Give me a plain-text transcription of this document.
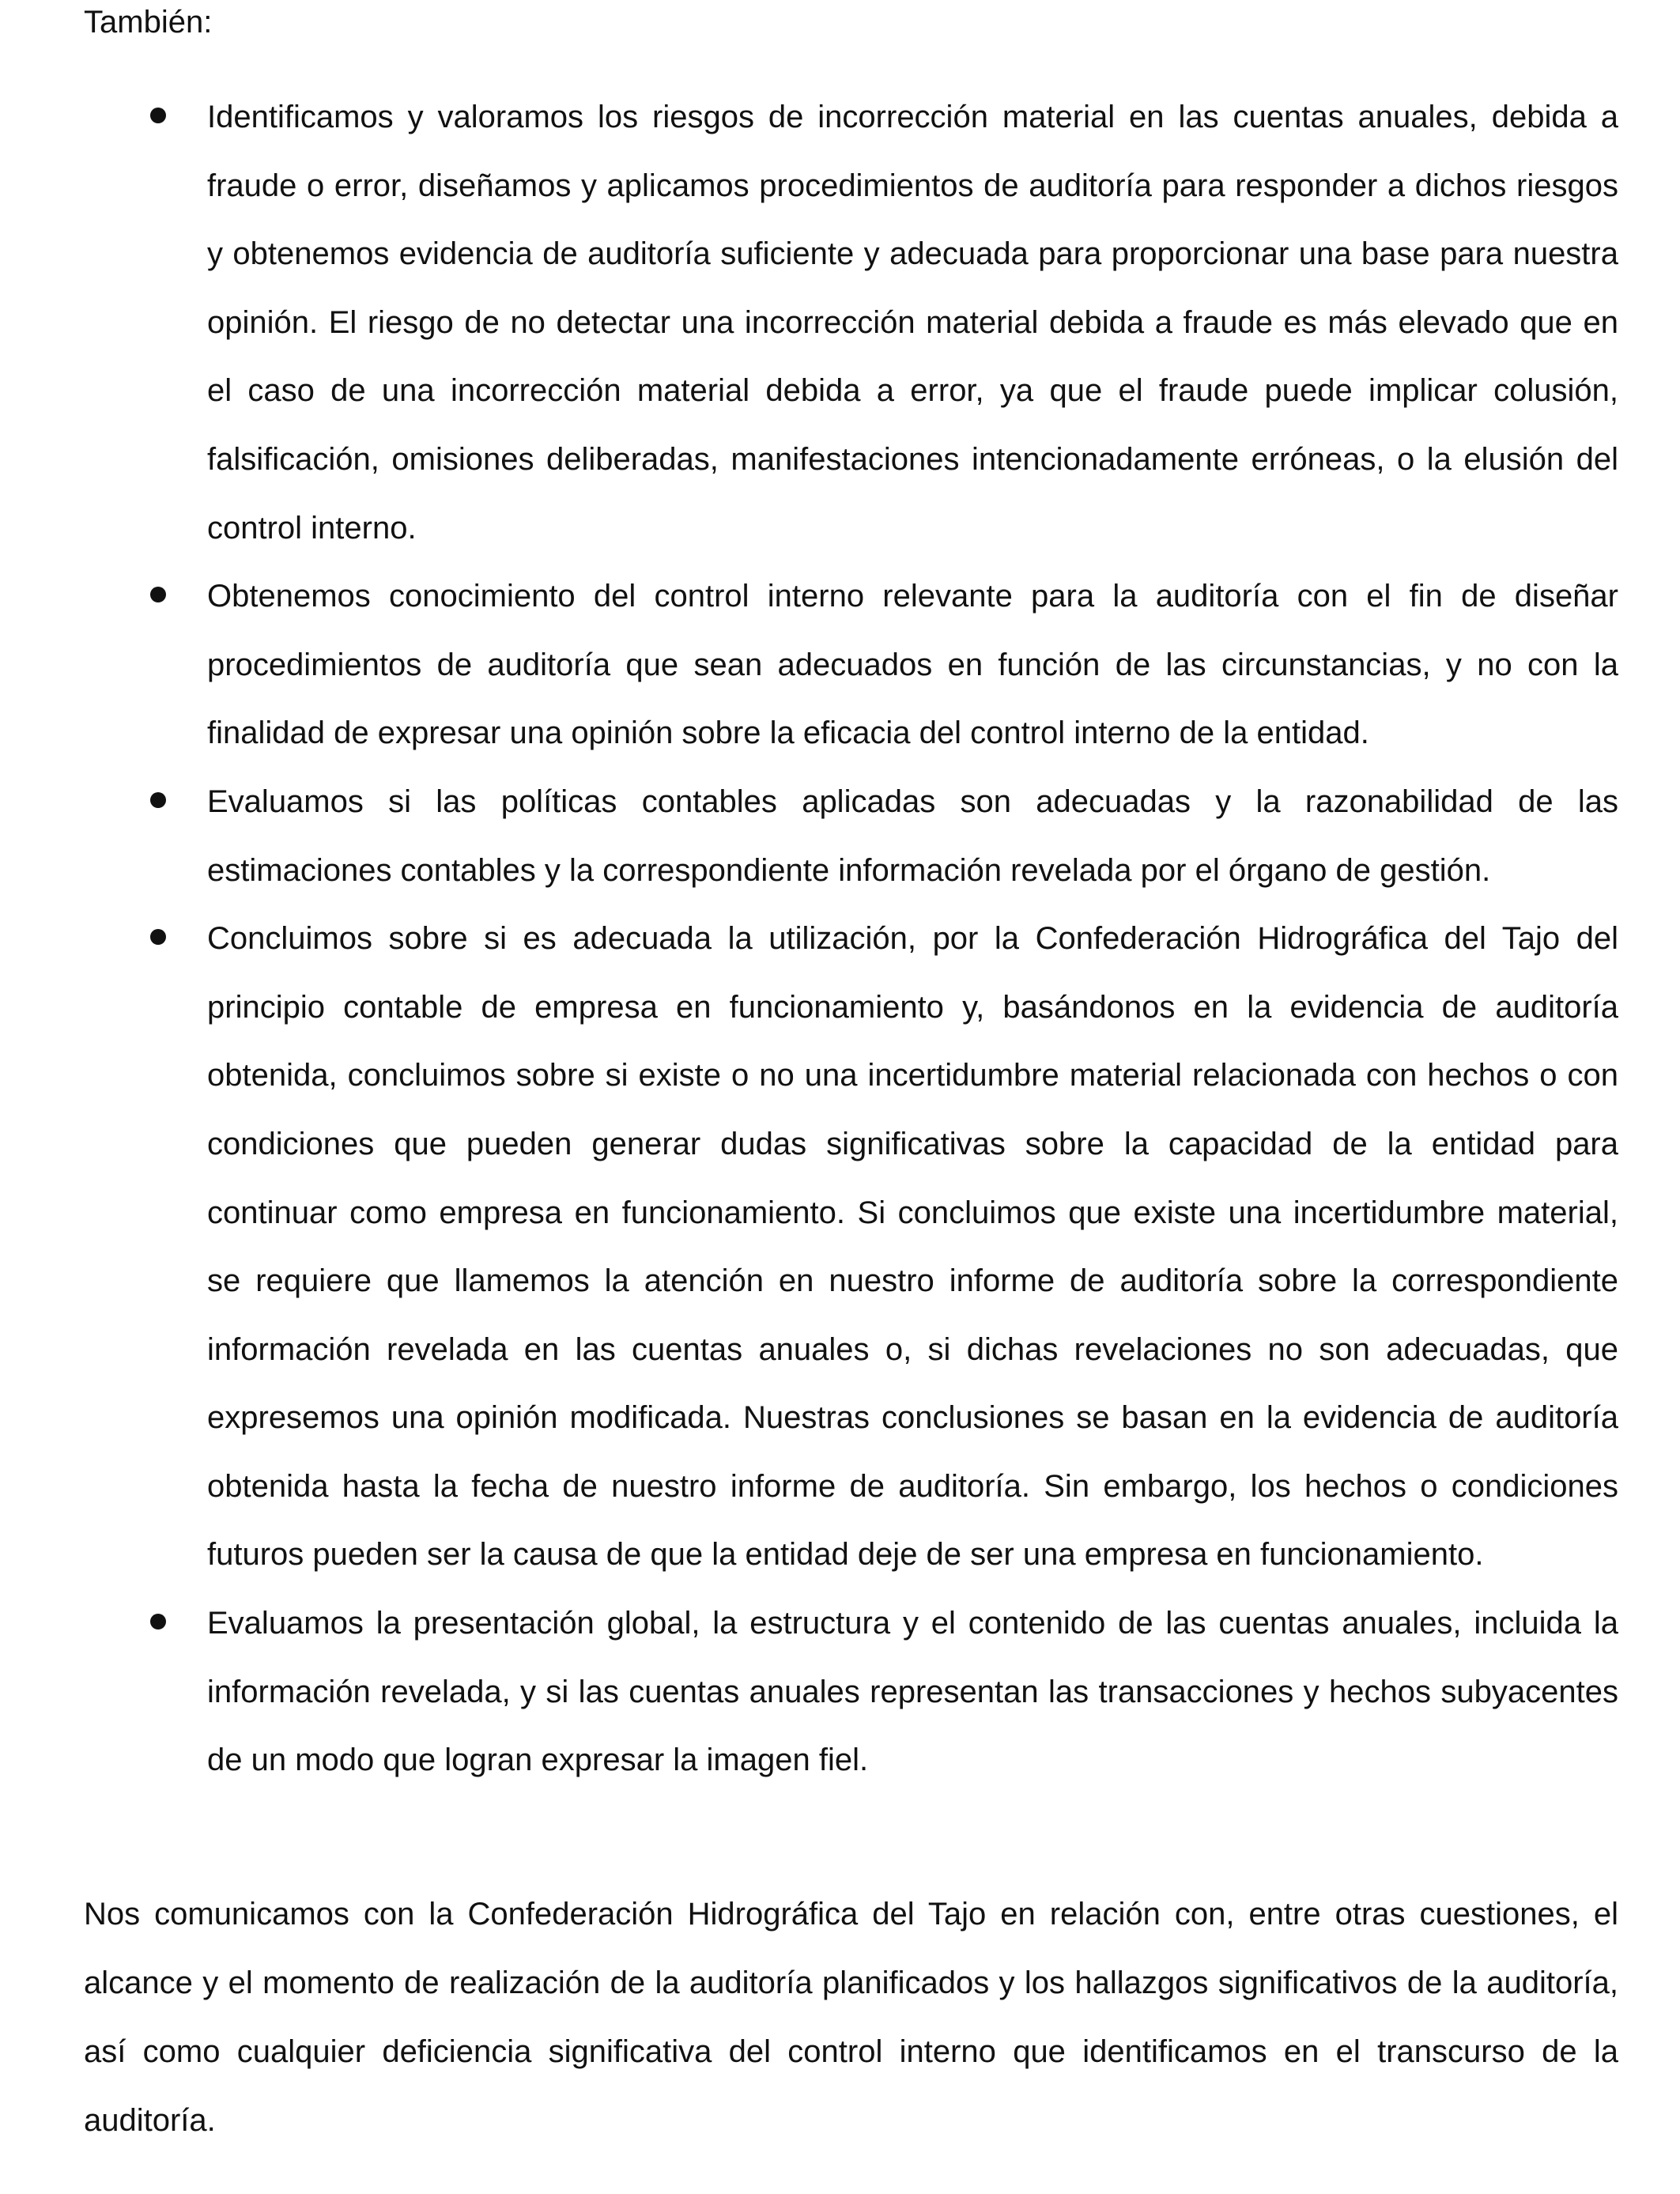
También:

Identificamos y valoramos los riesgos de incorrección material en las cuentas anuales, debida a fraude o error, diseñamos y aplicamos procedimientos de auditoría para responder a dichos riesgos y obtenemos evidencia de auditoría suficiente y adecuada para proporcionar una base para nuestra opinión. El riesgo de no detectar una incorrección material debida a fraude es más elevado que en el caso de una incorrección material debida a error, ya que el fraude puede implicar colusión, falsificación, omisiones deliberadas, manifestaciones intencionadamente erróneas, o la elusión del control interno.

Obtenemos conocimiento del control interno relevante para la auditoría con el fin de diseñar procedimientos de auditoría que sean adecuados en función de las circunstancias, y no con la finalidad de expresar una opinión sobre la eficacia del control interno de la entidad.

Evaluamos si las políticas contables aplicadas son adecuadas y la razonabilidad de las estimaciones contables y la correspondiente información revelada por el órgano de gestión.

Concluimos sobre si es adecuada la utilización, por la Confederación Hidrográfica del Tajo del principio contable de empresa en funcionamiento y, basándonos en la evidencia de auditoría obtenida, concluimos sobre si existe o no una incertidumbre material relacionada con hechos o con condiciones que pueden generar dudas significativas sobre la capacidad de la entidad para continuar como empresa en funcionamiento. Si concluimos que existe una incertidumbre material, se requiere que llamemos la atención en nuestro informe de auditoría sobre la correspondiente información revelada en las cuentas anuales o, si dichas revelaciones no son adecuadas, que expresemos una opinión modificada. Nuestras conclusiones se basan en la evidencia de auditoría obtenida hasta la fecha de nuestro informe de auditoría. Sin embargo, los hechos o condiciones futuros pueden ser la causa de que la entidad deje de ser una empresa en funcionamiento.

Evaluamos la presentación global, la estructura y el contenido de las cuentas anuales, incluida la información revelada, y si las cuentas anuales representan las transacciones y hechos subyacentes de un modo que logran expresar la imagen fiel.

Nos comunicamos con la Confederación Hidrográfica del Tajo en relación con, entre otras cuestiones, el alcance y el momento de realización de la auditoría planificados y los hallazgos significativos de la auditoría, así como cualquier deficiencia significativa del control interno que identificamos en el transcurso de la auditoría.
